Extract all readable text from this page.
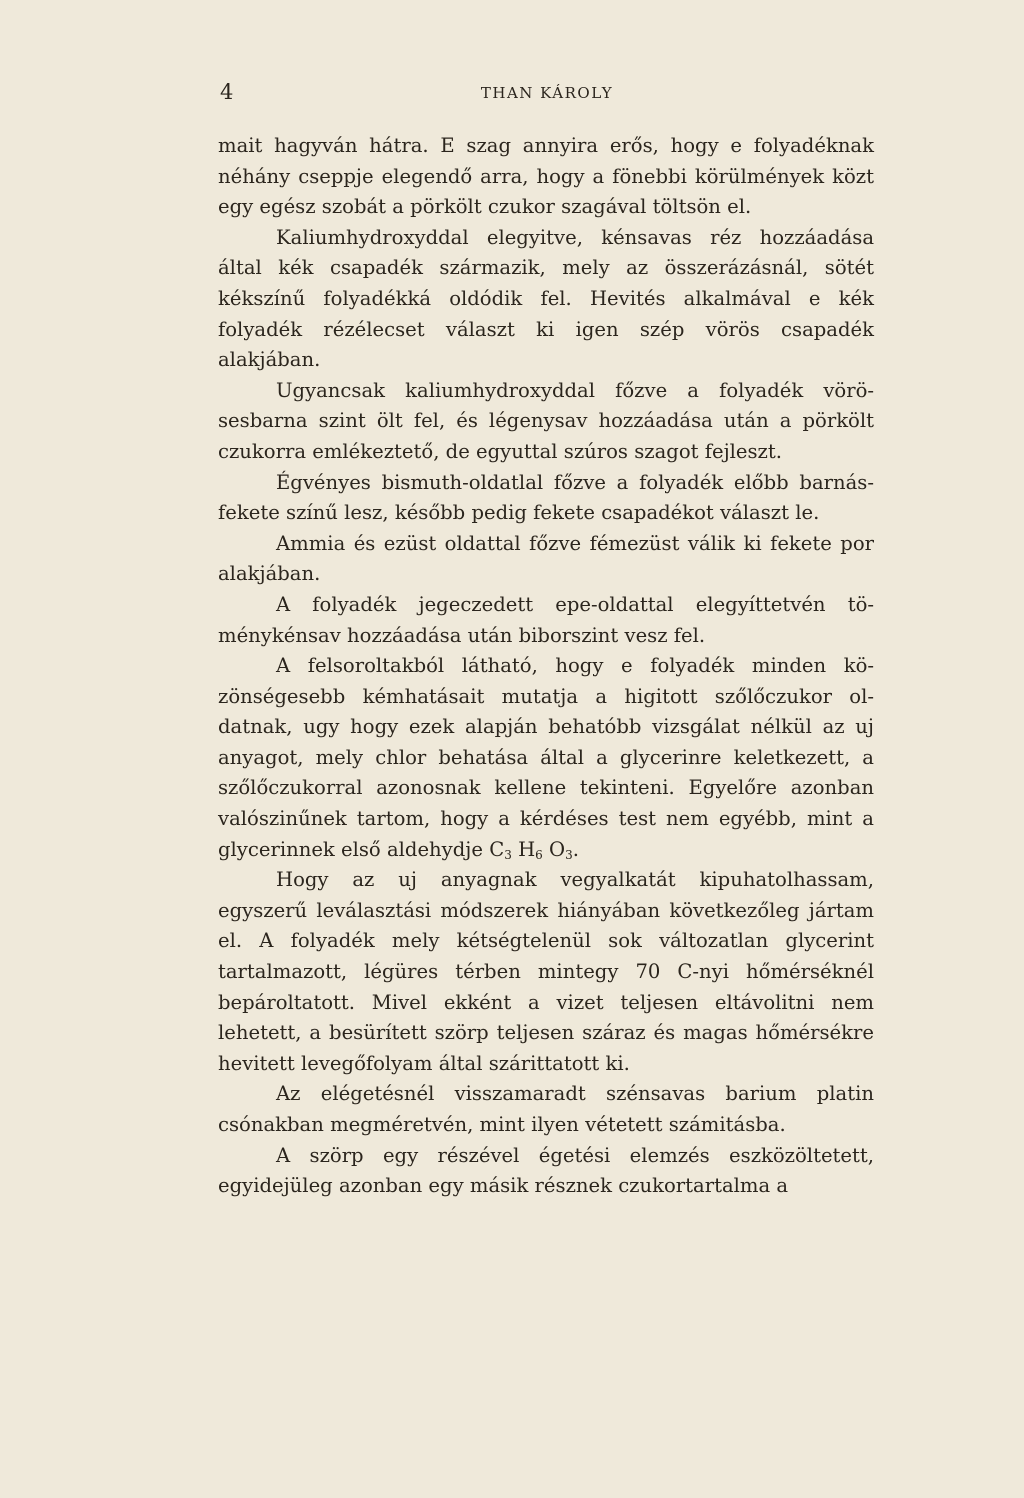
4	THAN KÁROLY

mait hagyván hátra. E szag annyira erős, hogy e folyadéknak néhány cseppje elegendő arra, hogy a fönebbi körülmények közt egy egész szobát a pörkölt czukor szagával töltsön el.

Kaliumhydroxyddal elegyitve, kénsavas réz hozzáadása által kék csapadék származik, mely az összerázásnál, sötét kékszínű folyadékká oldódik fel. Hevités alkalmával e kék folyadék rézélecset választ ki igen szép vörös csapadék alakjában.

Ugyancsak kaliumhydroxyddal főzve a folyadék vörösesbarna szint ölt fel, és légenysav hozzáadása után a pörkölt czukorra emlékeztető, de egyuttal szúros szagot fejleszt.

Égvényes bismuth-oldatlal főzve a folyadék előbb barnás-fekete színű lesz, később pedig fekete csapadékot választ le.

Ammia és ezüst oldattal főzve fémezüst válik ki fekete por alakjában.

A folyadék jegeczedett epe-oldattal elegyíttetvén töménykénsav hozzáadása után biborszint vesz fel.

A felsoroltakból látható, hogy e folyadék minden közönségesebb kémhatásait mutatja a higitott szőlőczukor oldatnak, ugy hogy ezek alapján behatóbb vizsgálat nélkül az uj anyagot, mely chlor behatása által a glycerinre keletkezett, a szőlőczukorral azonosnak kellene tekinteni. Egyelőre azonban valószinűnek tartom, hogy a kérdéses test nem egyébb, mint a glycerinnek első aldehydje $C_3$ $H_6$ $O_3$.

Hogy az uj anyagnak vegyalkatát kipuhatolhassam, egyszerű leválasztási módszerek hiányában következőleg jártam el. A folyadék mely kétségtelenül sok változatlan glycerint tartalmazott, légüres térben mintegy 70 C-nyi hőmérséknél bepároltatott. Mivel ekként a vizet teljesen eltávolitni nem lehetett, a besürített szörp teljesen száraz és magas hőmérsékre hevitett levegőfolyam által szárittatott ki.

Az elégetésnél visszamaradt szénsavas barium platin csónakban megméretvén, mint ilyen vétetett számitásba.

A szörp egy részével égetési elemzés eszközöltetett, egyidejüleg azonban egy másik résznek czukortartalma a
